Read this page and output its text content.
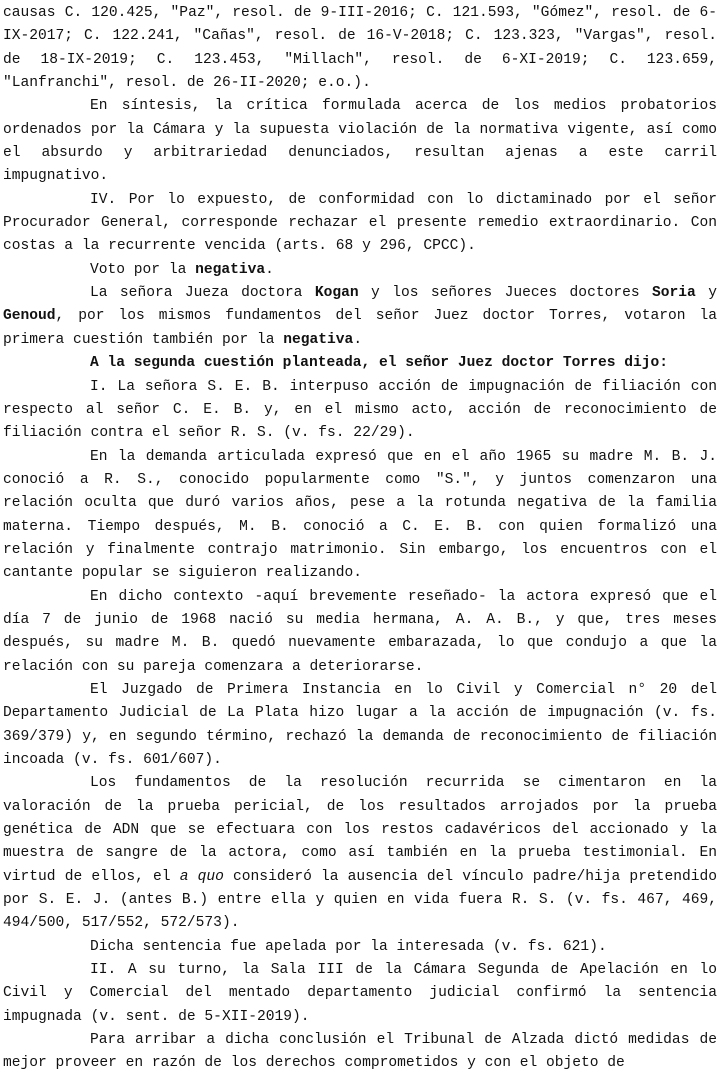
causas C. 120.425, "Paz", resol. de 9-III-2016; C. 121.593, "Gómez", resol. de 6-IX-2017; C. 122.241, "Cañas", resol. de 16-V-2018; C. 123.323, "Vargas", resol. de 18-IX-2019; C. 123.453, "Millach", resol. de 6-XI-2019; C. 123.659, "Lanfranchi", resol. de 26-II-2020; e.o.).

En síntesis, la crítica formulada acerca de los medios probatorios ordenados por la Cámara y la supuesta violación de la normativa vigente, así como el absurdo y arbitrariedad denunciados, resultan ajenas a este carril impugnativo.

IV. Por lo expuesto, de conformidad con lo dictaminado por el señor Procurador General, corresponde rechazar el presente remedio extraordinario. Con costas a la recurrente vencida (arts. 68 y 296, CPCC).

Voto por la negativa.

La señora Jueza doctora Kogan y los señores Jueces doctores Soria y Genoud, por los mismos fundamentos del señor Juez doctor Torres, votaron la primera cuestión también por la negativa.

A la segunda cuestión planteada, el señor Juez doctor Torres dijo:

I. La señora S. E. B. interpuso acción de impugnación de filiación con respecto al señor C. E. B. y, en el mismo acto, acción de reconocimiento de filiación contra el señor R. S. (v. fs. 22/29).

En la demanda articulada expresó que en el año 1965 su madre M. B. J. conoció a R. S., conocido popularmente como "S.", y juntos comenzaron una relación oculta que duró varios años, pese a la rotunda negativa de la familia materna. Tiempo después, M. B. conoció a C. E. B. con quien formalizó una relación y finalmente contrajo matrimonio. Sin embargo, los encuentros con el cantante popular se siguieron realizando.

En dicho contexto -aquí brevemente reseñado- la actora expresó que el día 7 de junio de 1968 nació su media hermana, A. A. B., y que, tres meses después, su madre M. B. quedó nuevamente embarazada, lo que condujo a que la relación con su pareja comenzara a deteriorarse.

El Juzgado de Primera Instancia en lo Civil y Comercial n° 20 del Departamento Judicial de La Plata hizo lugar a la acción de impugnación (v. fs. 369/379) y, en segundo término, rechazó la demanda de reconocimiento de filiación incoada (v. fs. 601/607).

Los fundamentos de la resolución recurrida se cimentaron en la valoración de la prueba pericial, de los resultados arrojados por la prueba genética de ADN que se efectuara con los restos cadavéricos del accionado y la muestra de sangre de la actora, como así también en la prueba testimonial. En virtud de ellos, el a quo consideró la ausencia del vínculo padre/hija pretendido por S. E. J. (antes B.) entre ella y quien en vida fuera R. S. (v. fs. 467, 469, 494/500, 517/552, 572/573).

Dicha sentencia fue apelada por la interesada (v. fs. 621).

II. A su turno, la Sala III de la Cámara Segunda de Apelación en lo Civil y Comercial del mentado departamento judicial confirmó la sentencia impugnada (v. sent. de 5-XII-2019).

Para arribar a dicha conclusión el Tribunal de Alzada dictó medidas de mejor proveer en razón de los derechos comprometidos y con el objeto de
